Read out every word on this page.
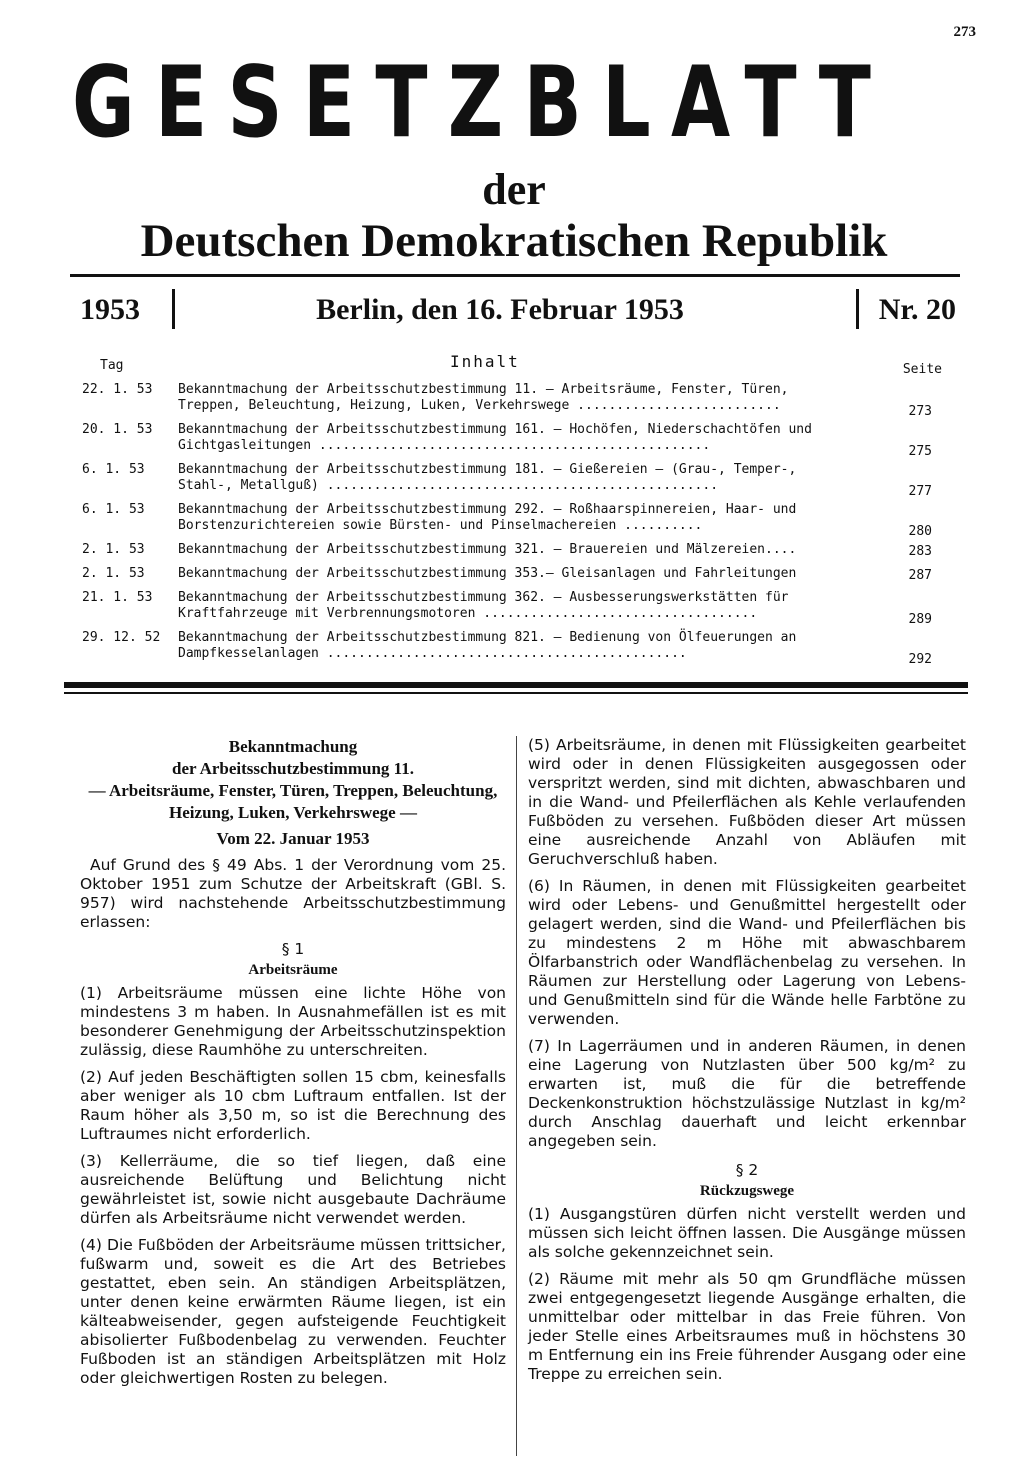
273
GESETZBLATT
der
Deutschen Demokratischen Republik
1953	Berlin, den 16. Februar 1953	Nr. 20
Tag	Inhalt	Seite
22. 1. 53	Bekanntmachung der Arbeitsschutzbestimmung 11. — Arbeitsräume, Fenster, Türen, Treppen, Beleuchtung, Heizung, Luken, Verkehrswege ..........................	273
20. 1. 53	Bekanntmachung der Arbeitsschutzbestimmung 161. — Hochöfen, Niederschachtöfen und Gichtgasleitungen ..................................................	275
6. 1. 53	Bekanntmachung der Arbeitsschutzbestimmung 181. — Gießereien — (Grau-, Temper-, Stahl-, Metallguß) ..................................................	277
6. 1. 53	Bekanntmachung der Arbeitsschutzbestimmung 292. — Roßhaarspinnereien, Haar- und Borstenzurichtereien sowie Bürsten- und Pinselmachereien ..........	280
2. 1. 53	Bekanntmachung der Arbeitsschutzbestimmung 321. — Brauereien und Mälzereien....	283
2. 1. 53	Bekanntmachung der Arbeitsschutzbestimmung 353.— Gleisanlagen und Fahrleitungen	287
21. 1. 53	Bekanntmachung der Arbeitsschutzbestimmung 362. — Ausbesserungswerkstätten für Kraftfahrzeuge mit Verbrennungsmotoren ...................................	289
29. 12. 52 Bekanntmachung der Arbeitsschutzbestimmung 821. — Bedienung von Ölfeuerungen an Dampfkesselanlagen ..............................................	292
Bekanntmachung
der Arbeitsschutzbestimmung 11.
— Arbeitsräume, Fenster, Türen, Treppen, Beleuchtung, Heizung, Luken, Verkehrswege —
Vom 22. Januar 1953

Auf Grund des § 49 Abs. 1 der Verordnung vom 25. Oktober 1951 zum Schutze der Arbeitskraft (GBl. S. 957) wird nachstehende Arbeitsschutzbestimmung erlassen:

§ 1
Arbeitsräume

(1) Arbeitsräume müssen eine lichte Höhe von mindestens 3 m haben. In Ausnahmefällen ist es mit besonderer Genehmigung der Arbeitsschutzinspektion zulässig, diese Raumhöhe zu unterschreiten.

(2) Auf jeden Beschäftigten sollen 15 cbm, keinesfalls aber weniger als 10 cbm Luftraum entfallen. Ist der Raum höher als 3,50 m, so ist die Berechnung des Luftraumes nicht erforderlich.

(3) Kellerräume, die so tief liegen, daß eine ausreichende Belüftung und Belichtung nicht gewährleistet ist, sowie nicht ausgebaute Dachräume dürfen als Arbeitsräume nicht verwendet werden.

(4) Die Fußböden der Arbeitsräume müssen trittsicher, fußwarm und, soweit es die Art des Betriebes gestattet, eben sein. An ständigen Arbeitsplätzen, unter denen keine erwärmten Räume liegen, ist ein kälteabweisender, gegen aufsteigende Feuchtigkeit abisolierter Fußbodenbelag zu verwenden. Feuchter Fußboden ist an ständigen Arbeitsplätzen mit Holz oder gleichwertigen Rosten zu belegen.

(5) Arbeitsräume, in denen mit Flüssigkeiten gearbeitet wird oder in denen Flüssigkeiten ausgegossen oder verspritzt werden, sind mit dichten, abwaschbaren und in die Wand- und Pfeilerflächen als Kehle verlaufenden Fußböden zu versehen. Fußböden dieser Art müssen eine ausreichende Anzahl von Abläufen mit Geruchverschluß haben.

(6) In Räumen, in denen mit Flüssigkeiten gearbeitet wird oder Lebens- und Genußmittel hergestellt oder gelagert werden, sind die Wand- und Pfeilerflächen bis zu mindestens 2 m Höhe mit abwaschbarem Ölfarbanstrich oder Wandflächenbelag zu versehen. In Räumen zur Herstellung oder Lagerung von Lebens- und Genußmitteln sind für die Wände helle Farbtöne zu verwenden.

(7) In Lagerräumen und in anderen Räumen, in denen eine Lagerung von Nutzlasten über 500 kg/m² zu erwarten ist, muß die für die betreffende Deckenkonstruktion höchstzulässige Nutzlast in kg/m² durch Anschlag dauerhaft und leicht erkennbar angegeben sein.

§ 2
Rückzugswege

(1) Ausgangstüren dürfen nicht verstellt werden und müssen sich leicht öffnen lassen. Die Ausgänge müssen als solche gekennzeichnet sein.

(2) Räume mit mehr als 50 qm Grundfläche müssen zwei entgegengesetzt liegende Ausgänge erhalten, die unmittelbar oder mittelbar in das Freie führen. Von jeder Stelle eines Arbeitsraumes muß in höchstens 30 m Entfernung ein ins Freie führender Ausgang oder eine Treppe zu erreichen sein.
